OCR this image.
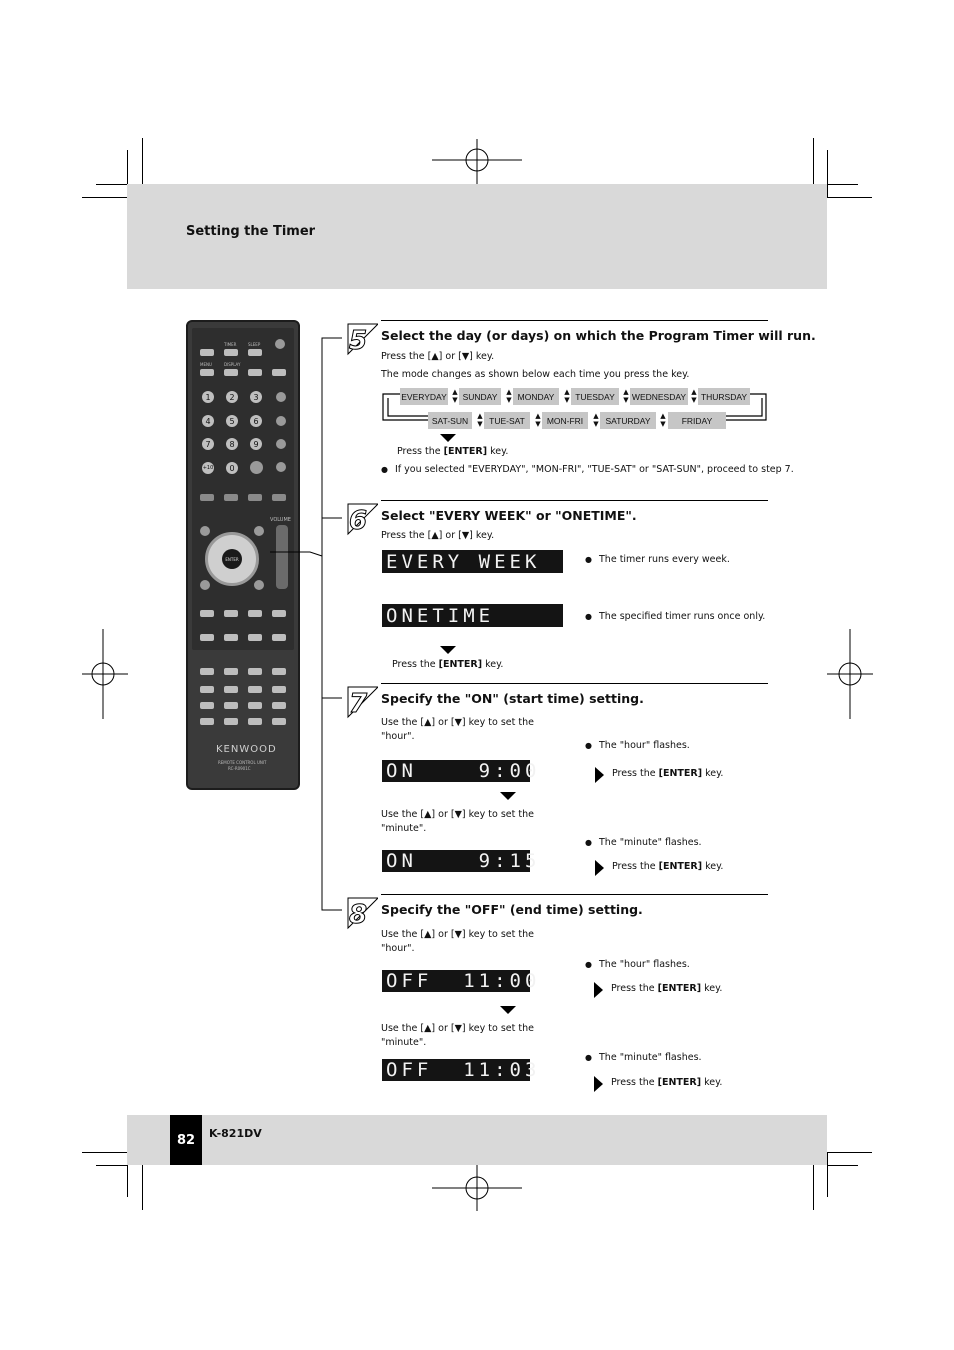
Setting the Timer
TIMER	SLEEP
MENU	DISPLAY
1	2	3
4	5	6
7	8	9
+10	0
VOLUME
ENTER
KENWOOD
REMOTE CONTROL UNIT
RC-R0901C
5 Select the day (or days) on which the Program Timer will run.
Press the [▲] or [▼] key.
The mode changes as shown below each time you press the key.
EVERYDAY ▲
▼ SUNDAY	▲
▼ MONDAY	▲
▼ TUESDAY	▲
▼ WEDNESDAY ▲
▼ THURSDAY
SAT-SUN	▲
▼ TUE-SAT	▲
▼ MON-FRI	▲
▼ SATURDAY	▲
▼	FRIDAY
Press the [ENTER] key.
● If you selected "EVERYDAY", "MON-FRI", "TUE-SAT" or "SAT-SUN", proceed to step 7.
6 Select "EVERY WEEK" or "ONETIME".
Press the [▲] or [▼] key.
EVERY WEEK	● The timer runs every week.
ONETIME	● The specified timer runs once only.
Press the [ENTER] key.
7 Specify the "ON" (start time) setting.
Use the [▲] or [▼] key to set the
"hour".
● The "hour" flashes.
ON    9:00	Press the [ENTER] key.
Use the [▲] or [▼] key to set the
"minute".
● The "minute" flashes.
ON    9:15	Press the [ENTER] key.
8 Specify the "OFF" (end time) setting.
Use the [▲] or [▼] key to set the
"hour".
● The "hour" flashes.
OFF  11:00	Press the [ENTER] key.
Use the [▲] or [▼] key to set the
"minute".
● The "minute" flashes.
OFF  11:03
Press the [ENTER] key.
82	K-821DV
